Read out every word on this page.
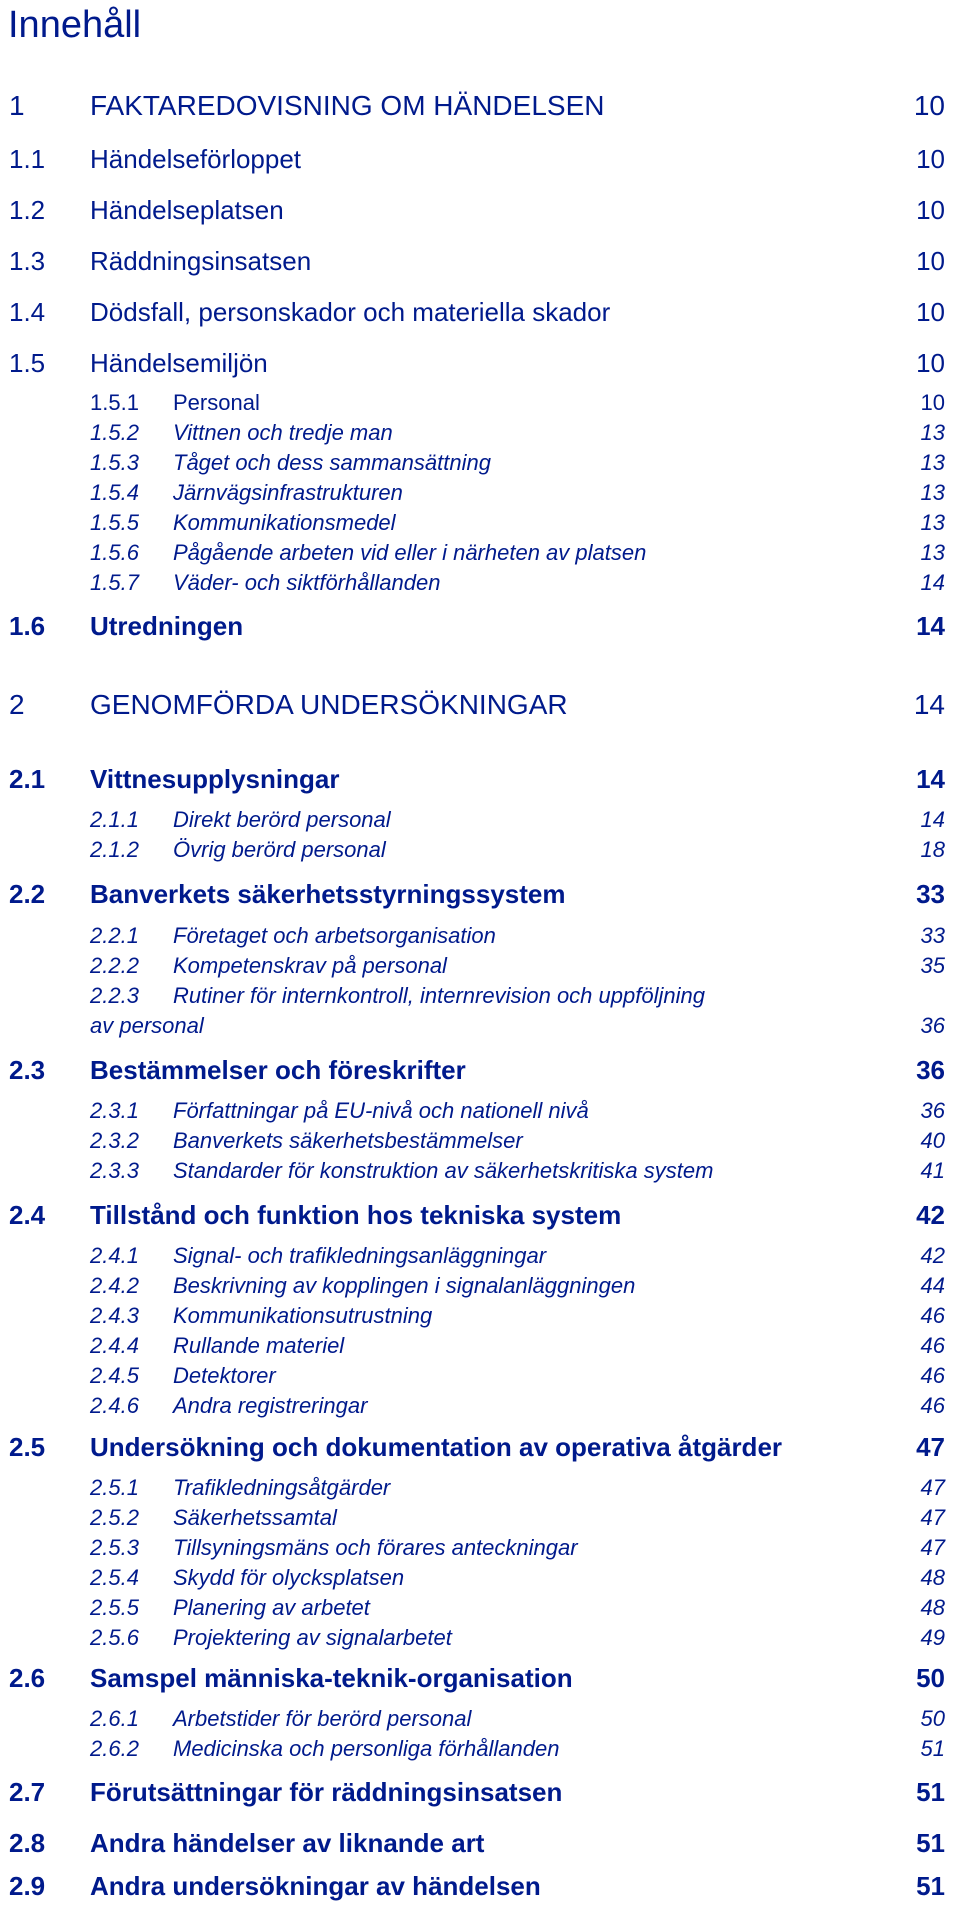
Innehåll
1 FAKTAREDOVISNING OM HÄNDELSEN	10
1.1 Händelseförloppet	10
1.2 Händelseplatsen	10
1.3 Räddningsinsatsen	10
1.4 Dödsfall, personskador och materiella skador	10
1.5 Händelsemiljön	10
1.5.1 Personal	10
1.5.2 Vittnen och tredje man	13
1.5.3 Tåget och dess sammansättning	13
1.5.4 Järnvägsinfrastrukturen	13
1.5.5 Kommunikationsmedel	13
1.5.6 Pågående arbeten vid eller i närheten av platsen	13
1.5.7 Väder- och siktförhållanden	14
1.6 Utredningen	14
2 GENOMFÖRDA UNDERSÖKNINGAR	14
2.1 Vittnesupplysningar	14
2.1.1 Direkt berörd personal	14
2.1.2 Övrig berörd personal	18
2.2 Banverkets säkerhetsstyrningssystem	33
2.2.1 Företaget och arbetsorganisation	33
2.2.2 Kompetenskrav på personal	35
2.2.3 Rutiner för internkontroll, internrevision och uppföljning
av personal	36
2.3 Bestämmelser och föreskrifter	36
2.3.1 Författningar på EU-nivå och nationell nivå	36
2.3.2 Banverkets säkerhetsbestämmelser	40
2.3.3 Standarder för konstruktion av säkerhetskritiska system	41
2.4 Tillstånd och funktion hos tekniska system	42
2.4.1 Signal- och trafikledningsanläggningar	42
2.4.2 Beskrivning av kopplingen i signalanläggningen	44
2.4.3 Kommunikationsutrustning	46
2.4.4 Rullande materiel	46
2.4.5 Detektorer	46
2.4.6 Andra registreringar	46
2.5 Undersökning och dokumentation av operativa åtgärder	47
2.5.1 Trafikledningsåtgärder	47
2.5.2 Säkerhetssamtal	47
2.5.3 Tillsyningsmäns och förares anteckningar	47
2.5.4 Skydd för olycksplatsen	48
2.5.5 Planering av arbetet	48
2.5.6 Projektering av signalarbetet	49
2.6 Samspel människa-teknik-organisation	50
2.6.1 Arbetstider för berörd personal	50
2.6.2 Medicinska och personliga förhållanden	51
2.7 Förutsättningar för räddningsinsatsen	51
2.8 Andra händelser av liknande art	51
2.9 Andra undersökningar av händelsen	51
